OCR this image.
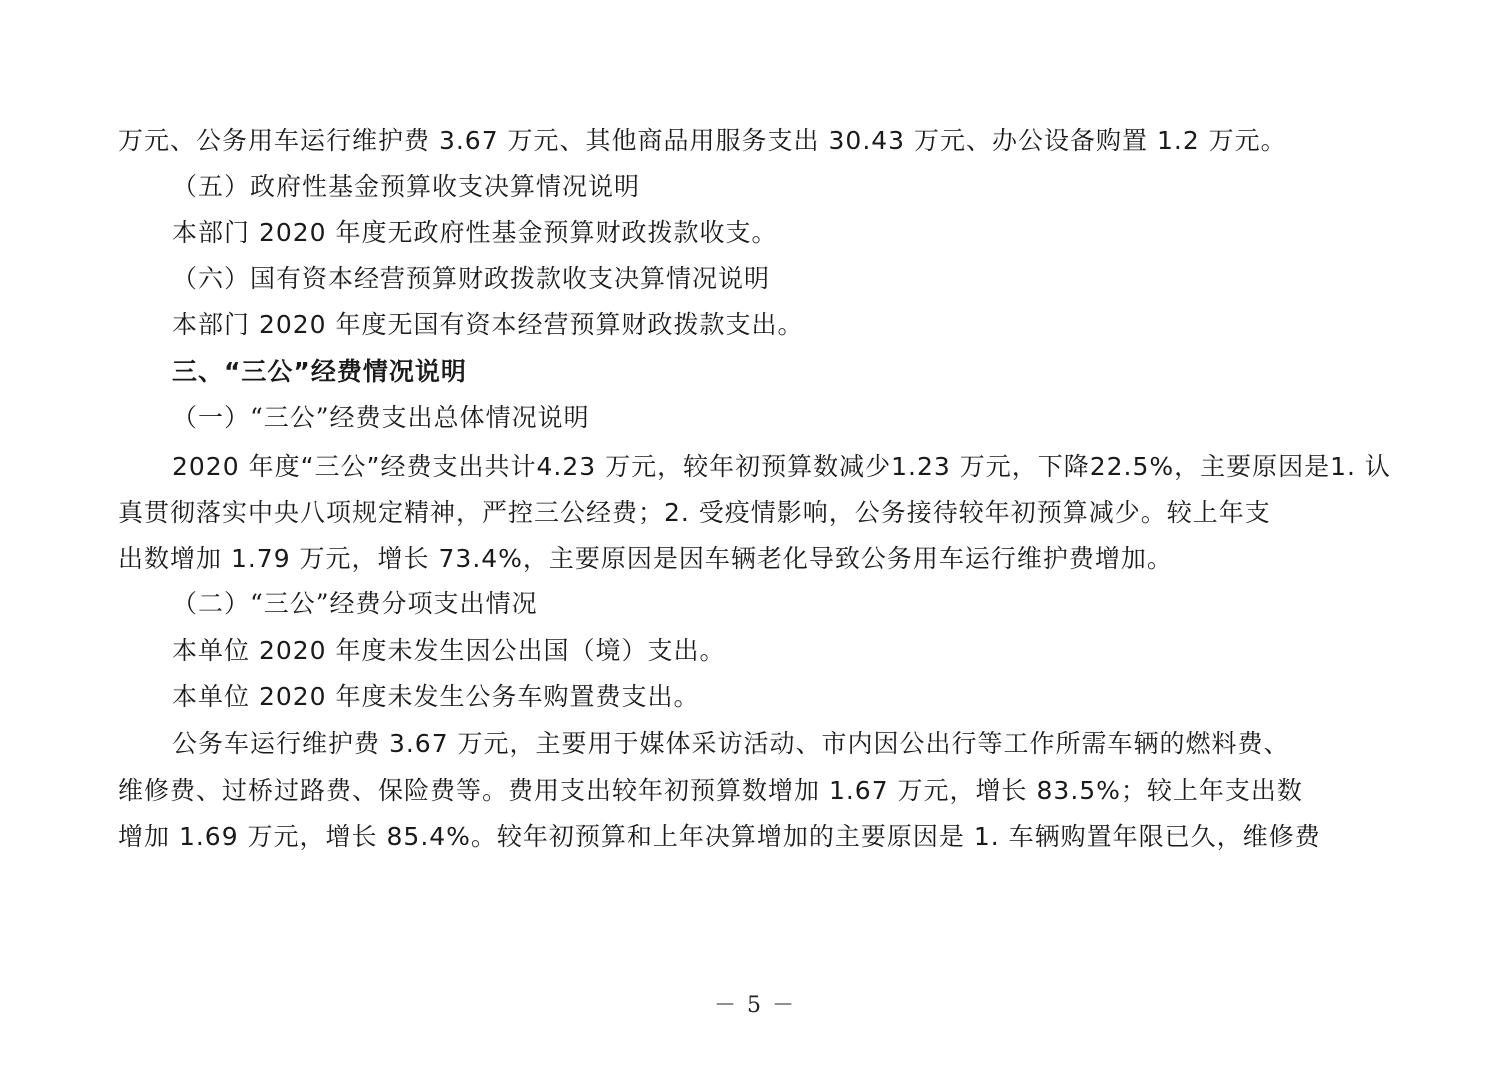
万元、公务用车运行维护费 3.67 万元、其他商品用服务支出 30.43 万元、办公设备购置 1.2 万元。
（五）政府性基金预算收支决算情况说明
本部门 2020 年度无政府性基金预算财政拨款收支。
（六）国有资本经营预算财政拨款收支决算情况说明
本部门 2020 年度无国有资本经营预算财政拨款支出。
三、“三公”经费情况说明
（一）“三公”经费支出总体情况说明
2020 年度“三公”经费支出共计4.23 万元，较年初预算数减少1.23 万元，下降22.5%，主要原因是1. 认
真贯彻落实中央八项规定精神，严控三公经费；2. 受疫情影响，公务接待较年初预算减少。较上年支
出数增加 1.79 万元，增长 73.4%，主要原因是因车辆老化导致公务用车运行维护费增加。
（二）“三公”经费分项支出情况
本单位 2020 年度未发生因公出国（境）支出。
本单位 2020 年度未发生公务车购置费支出。
公务车运行维护费 3.67 万元，主要用于媒体采访活动、市内因公出行等工作所需车辆的燃料费、
维修费、过桥过路费、保险费等。费用支出较年初预算数增加 1.67 万元，增长 83.5%；较上年支出数
增加 1.69 万元，增长 85.4%。较年初预算和上年决算增加的主要原因是 1. 车辆购置年限已久，维修费
－ 5 －
